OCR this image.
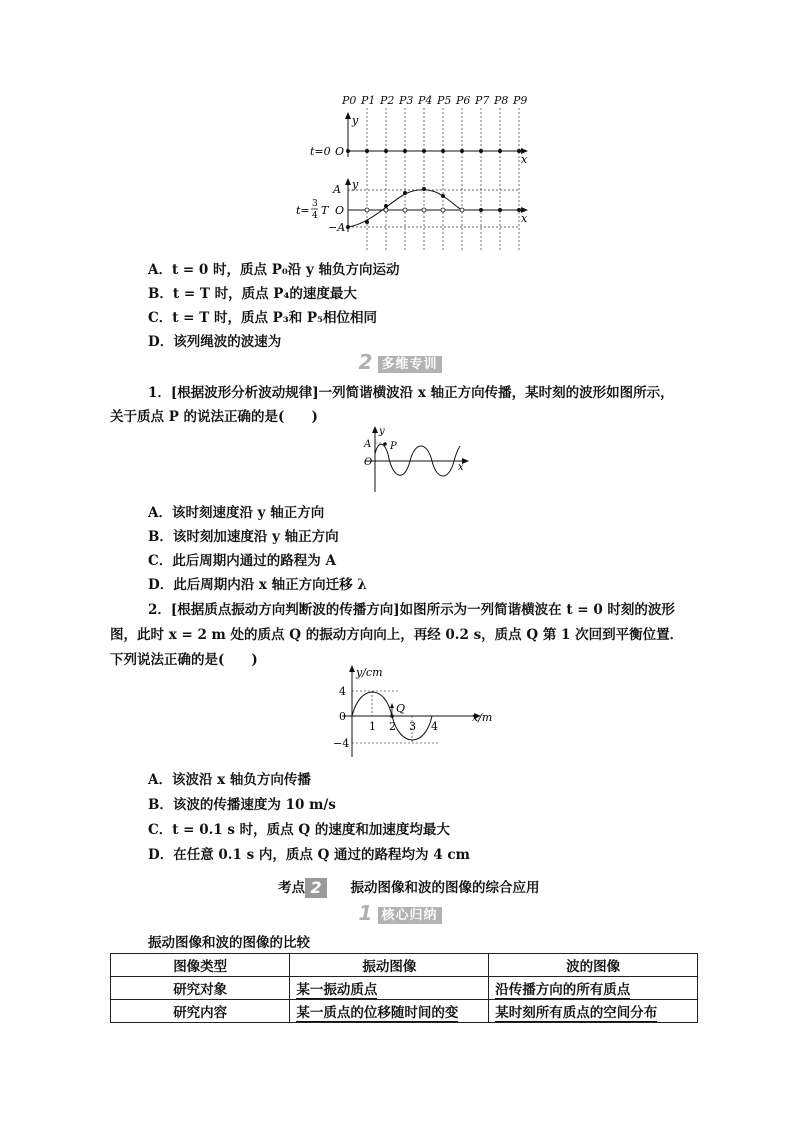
P0 P1 P2 P3 P4 P5 P6 P7 P8 P9
y
x
t=0 O
y
x
A
−A
O
t= 3
4 T
A．t = 0 时，质点 P₀沿 y 轴负方向运动
B．t = T 时，质点 P₄的速度最大
C．t = T 时，质点 P₃和 P₅相位相同
D．该列绳波的波速为
2 多维专训
1．[根据波形分析波动规律]一列简谐横波沿 x 轴正方向传播，某时刻的波形如图所示，
关于质点 P 的说法正确的是(　　)
y
x
O
A P
A．该时刻速度沿 y 轴正方向
B．该时刻加速度沿 y 轴正方向
C．此后周期内通过的路程为 A
D．此后周期内沿 x 轴正方向迁移 λ
2．[根据质点振动方向判断波的传播方向]如图所示为一列简谐横波在 t = 0 时刻的波形
图，此时 x = 2 m 处的质点 Q 的振动方向向上，再经 0.2 s，质点 Q 第 1 次回到平衡位置．
下列说法正确的是(　　)
y/cm
x/m
4
0
−4
1 2 3 4
Q
A．该波沿 x 轴负方向传播
B．该波的传播速度为 10 m/s
C．t = 0.1 s 时，质点 Q 的速度和加速度均最大
D．在任意 0.1 s 内，质点 Q 通过的路程均为 4 cm
考点 2 振动图像和波的图像的综合应用
1 核心归纳
振动图像和波的图像的比较
图像类型	振动图像	波的图像
研究对象	某一振动质点	沿传播方向的所有质点
研究内容	某一质点的位移随时间的变	某时刻所有质点的空间分布
